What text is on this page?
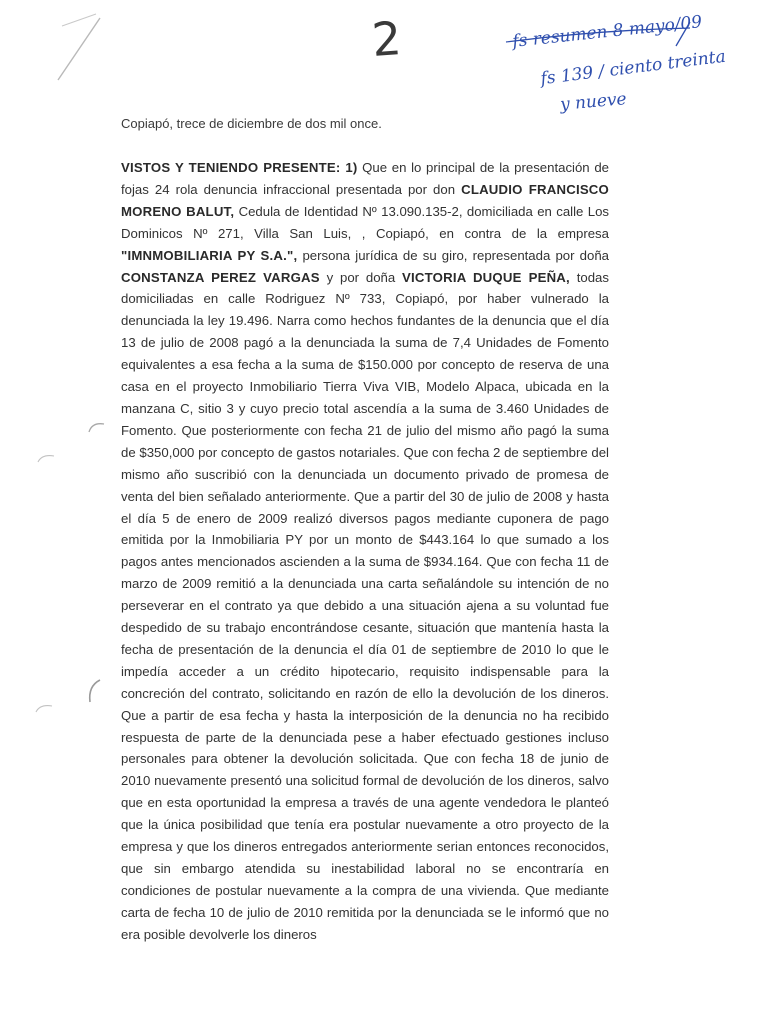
2	fs resumen 8 mayo/09
fs 139 / ciento treinta
y nueve
Copiapó, trece de diciembre de dos mil once.
VISTOS Y TENIENDO PRESENTE: 1) Que en lo principal de la presentación de fojas 24 rola denuncia infraccional presentada por don CLAUDIO FRANCISCO MORENO BALUT, Cedula de Identidad Nº 13.090.135-2, domiciliada en calle Los Dominicos Nº 271, Villa San Luis, , Copiapó, en contra de la empresa "IMNMOBILIARIA PY S.A.", persona jurídica de su giro, representada por doña CONSTANZA PEREZ VARGAS y por doña VICTORIA DUQUE PEÑA, todas domiciliadas en calle Rodriguez Nº 733, Copiapó, por haber vulnerado la denunciada la ley 19.496. Narra como hechos fundantes de la denuncia que el día 13 de julio de 2008 pagó a la denunciada la suma de 7,4 Unidades de Fomento equivalentes a esa fecha a la suma de $150.000 por concepto de reserva de una casa en el proyecto Inmobiliario Tierra Viva VIB, Modelo Alpaca, ubicada en la manzana C, sitio 3 y cuyo precio total ascendía a la suma de 3.460 Unidades de Fomento. Que posteriormente con fecha 21 de julio del mismo año pagó la suma de $350,000 por concepto de gastos notariales. Que con fecha 2 de septiembre del mismo año suscribió con la denunciada un documento privado de promesa de venta del bien señalado anteriormente. Que a partir del 30 de julio de 2008 y hasta el día 5 de enero de 2009 realizó diversos pagos mediante cuponera de pago emitida por la Inmobiliaria PY por un monto de $443.164 lo que sumado a los pagos antes mencionados ascienden a la suma de $934.164. Que con fecha 11 de marzo de 2009 remitió a la denunciada una carta señalándole su intención de no perseverar en el contrato ya que debido a una situación ajena a su voluntad fue despedido de su trabajo encontrándose cesante, situación que mantenía hasta la fecha de presentación de la denuncia el día 01 de septiembre de 2010 lo que le impedía acceder a un crédito hipotecario, requisito indispensable para la concreción del contrato, solicitando en razón de ello la devolución de los dineros. Que a partir de esa fecha y hasta la interposición de la denuncia no ha recibido respuesta de parte de la denunciada pese a haber efectuado gestiones incluso personales para obtener la devolución solicitada. Que con fecha 18 de junio de 2010 nuevamente presentó una solicitud formal de devolución de los dineros, salvo que en esta oportunidad la empresa a través de una agente vendedora le planteó que la única posibilidad que tenía era postular nuevamente a otro proyecto de la empresa y que los dineros entregados anteriormente serian entonces reconocidos, que sin embargo atendida su inestabilidad laboral no se encontraría en condiciones de postular nuevamente a la compra de una vivienda. Que mediante carta de fecha 10 de julio de 2010 remitida por la denunciada se le informó que no era posible devolverle los dineros
